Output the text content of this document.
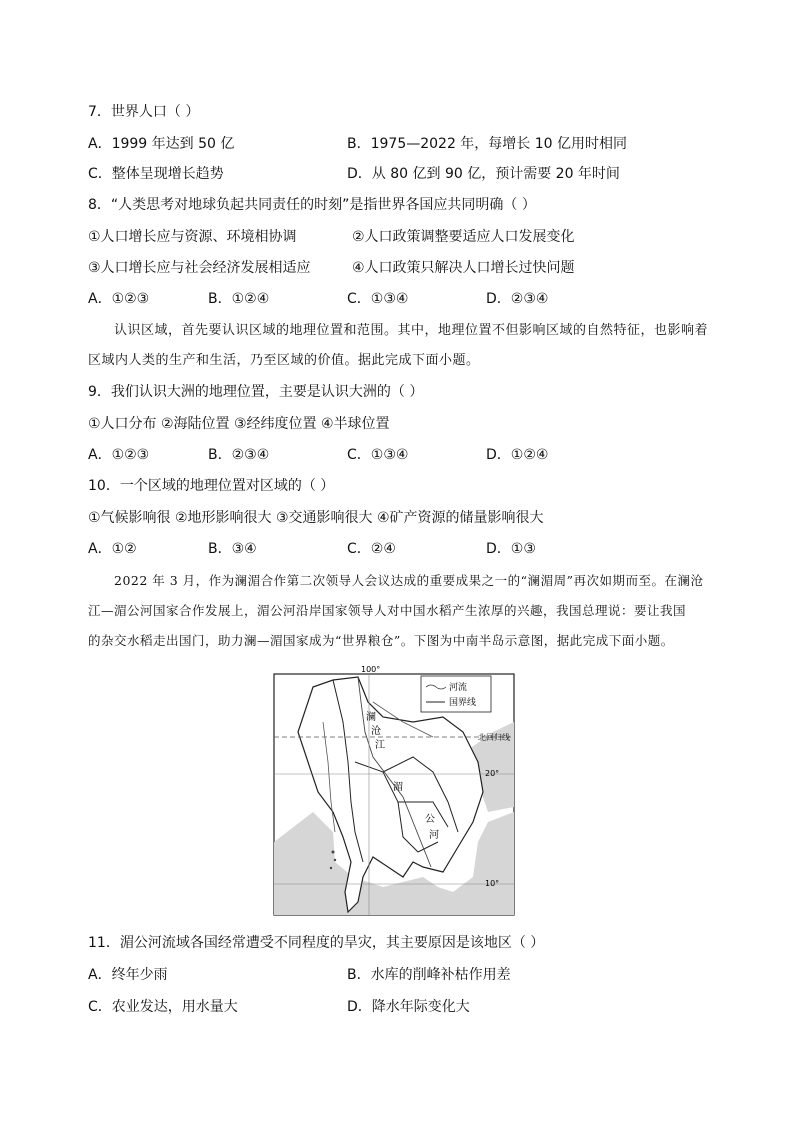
7．世界人口（ ）
A．1999 年达到 50 亿	B．1975—2022 年，每增长 10 亿用时相同
C．整体呈现增长趋势	D．从 80 亿到 90 亿，预计需要 20 年时间
8．“人类思考对地球负起共同责任的时刻”是指世界各国应共同明确（ ）
①人口增长应与资源、环境相协调	②人口政策调整要适应人口发展变化
③人口增长应与社会经济发展相适应	④人口政策只解决人口增长过快问题
A．①②③	B．①②④	C．①③④	D．②③④
认识区域，首先要认识区域的地理位置和范围。其中，地理位置不但影响区域的自然特征，也影响着
区域内人类的生产和生活，乃至区域的价值。据此完成下面小题。
9．我们认识大洲的地理位置，主要是认识大洲的（ ）
①人口分布 ②海陆位置 ③经纬度位置 ④半球位置
A．①②③	B．②③④	C．①③④	D．①②④
10．一个区域的地理位置对区域的（ ）
①气候影响很 ②地形影响很大 ③交通影响很大 ④矿产资源的储量影响很大
A．①②	B．③④	C．②④	D．①③
2022 年 3 月，作为澜湄合作第二次领导人会议达成的重要成果之一的“澜湄周”再次如期而至。在澜沧
江—湄公河国家合作发展上，湄公河沿岸国家领导人对中国水稻产生浓厚的兴趣，我国总理说：要让我国
的杂交水稻走出国门，助力澜—湄国家成为“世界粮仓”。下图为中南半岛示意图，据此完成下面小题。
河流
国界线
100°
北回归线
20°
10°
澜
沧
江
湄
公
河
11．湄公河流域各国经常遭受不同程度的旱灾，其主要原因是该地区（ ）
A．终年少雨	B．水库的削峰补枯作用差
C．农业发达，用水量大	D．降水年际变化大
